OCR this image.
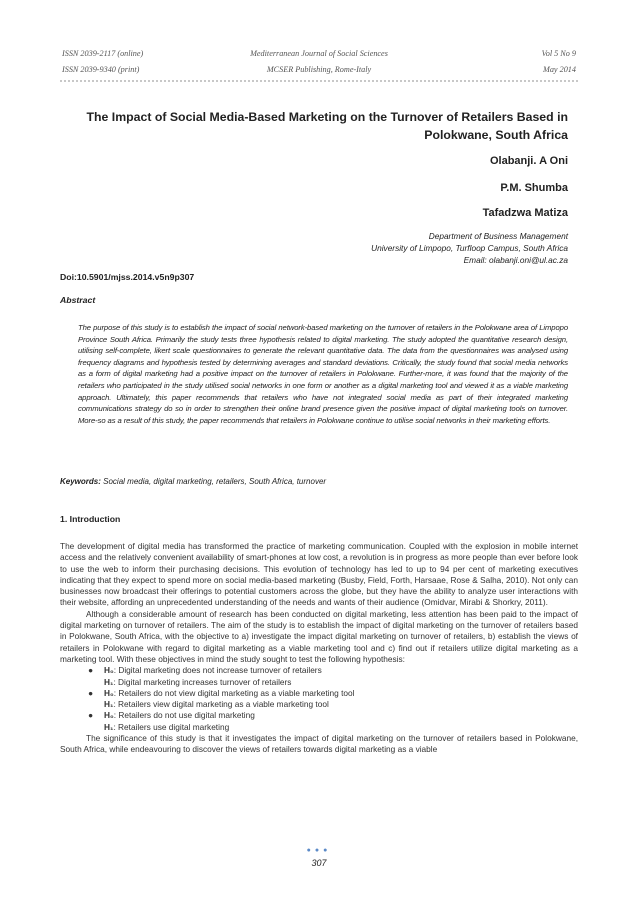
ISSN 2039-2117 (online)
ISSN 2039-9340 (print)
Mediterranean Journal of Social Sciences
MCSER Publishing, Rome-Italy
Vol 5 No 9
May 2014
The Impact of Social Media-Based Marketing on the Turnover of Retailers Based in Polokwane, South Africa
Olabanji. A Oni
P.M. Shumba
Tafadzwa Matiza
Department of Business Management
University of Limpopo, Turfloop Campus, South Africa
Email: olabanji.oni@ul.ac.za
Doi:10.5901/mjss.2014.v5n9p307
Abstract
The purpose of this study is to establish the impact of social network-based marketing on the turnover of retailers in the Polokwane area of Limpopo Province South Africa. Primarily the study tests three hypothesis related to digital marketing. The study adopted the quantitative research design, utilising self-complete, likert scale questionnaires to generate the relevant quantitative data. The data from the questionnaires was analysed using frequency diagrams and hypothesis tested by determining averages and standard deviations. Critically, the study found that social media networks as a form of digital marketing had a positive impact on the turnover of retailers in Polokwane. Further-more, it was found that the majority of the retailers who participated in the study utilised social networks in one form or another as a digital marketing tool and viewed it as a viable marketing approach. Ultimately, this paper recommends that retailers who have not integrated social media as part of their integrated marketing communications strategy do so in order to strengthen their online brand presence given the positive impact of digital marketing tools on turnover. More-so as a result of this study, the paper recommends that retailers in Polokwane continue to utilise social networks in their marketing efforts.
Keywords: Social media, digital marketing, retailers, South Africa, turnover
1. Introduction

The development of digital media has transformed the practice of marketing communication. Coupled with the explosion in mobile internet access and the relatively convenient availability of smart-phones at low cost, a revolution is in progress as more people than ever before look to use the web to inform their purchasing decisions. This evolution of technology has led to up to 94 per cent of marketing executives indicating that they expect to spend more on social media-based marketing (Busby, Field, Forth, Harsaae, Rose & Salha, 2010). Not only can businesses now broadcast their offerings to potential customers across the globe, but they have the ability to analyze user interactions with their website, affording an unprecedented understanding of the needs and wants of their audience (Omidvar, Mirabi & Shorkry, 2011).

Although a considerable amount of research has been conducted on digital marketing, less attention has been paid to the impact of digital marketing on turnover of retailers. The aim of the study is to establish the impact of digital marketing on the turnover of retailers based in Polokwane, South Africa, with the objective to a) investigate the impact digital marketing on turnover of retailers, b) establish the views of retailers in Polokwane with regard to digital marketing as a viable marketing tool and c) find out if retailers utilize digital marketing as a marketing tool. With these objectives in mind the study sought to test the following hypothesis:

● H₀: Digital marketing does not increase turnover of retailers
H₁: Digital marketing increases turnover of retailers
● H₀: Retailers do not view digital marketing as a viable marketing tool
H₁: Retailers view digital marketing as a viable marketing tool
● H₀: Retailers do not use digital marketing
H₁: Retailers use digital marketing

The significance of this study is that it investigates the impact of digital marketing on the turnover of retailers based in Polokwane, South Africa, while endeavouring to discover the views of retailers towards digital marketing as a viable

●●●
307
